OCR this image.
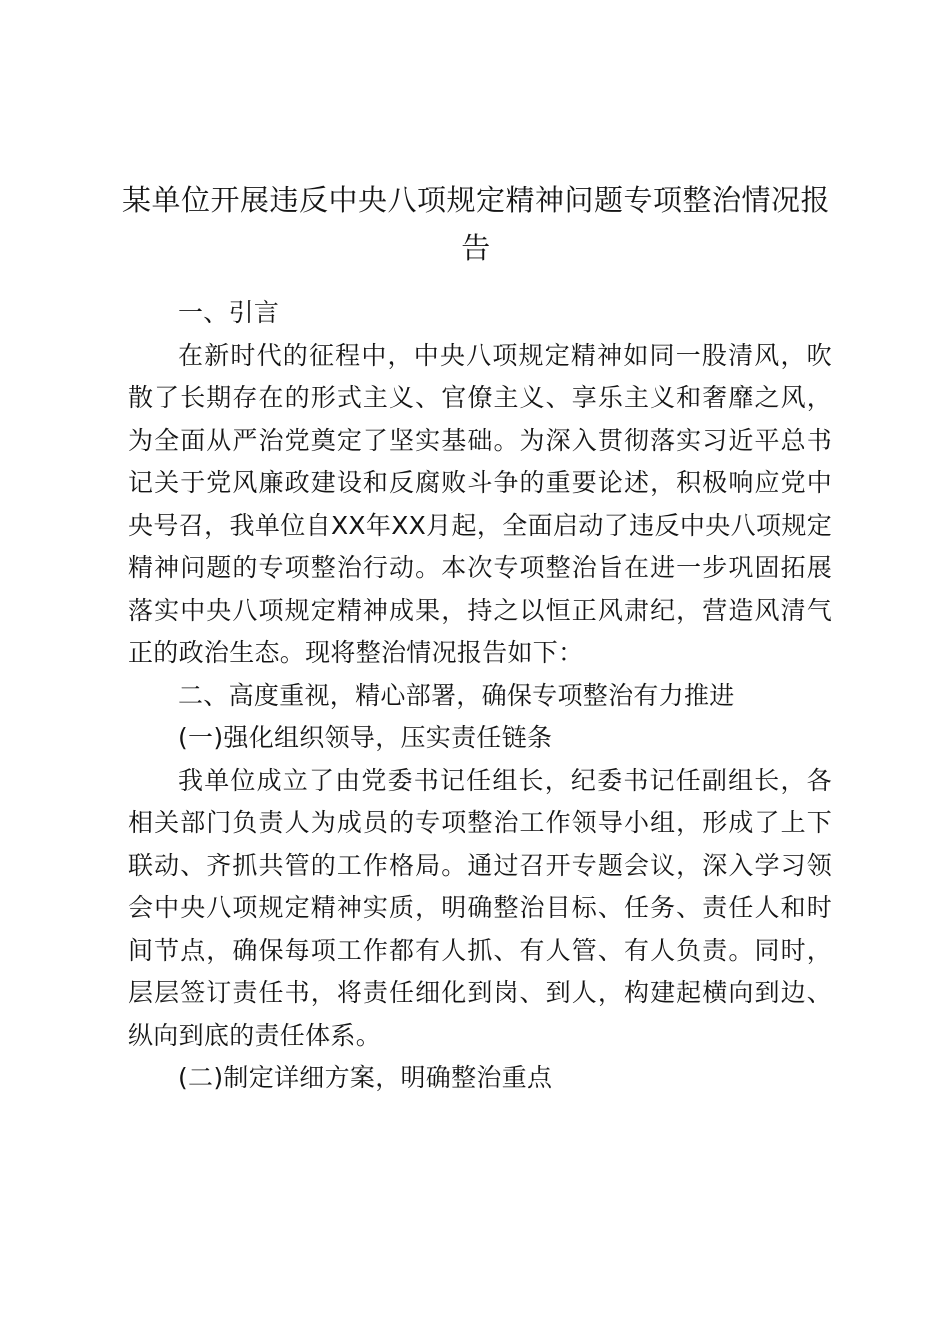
某单位开展违反中央八项规定精神问题专项整治情况报告

一、引言

在新时代的征程中，中央八项规定精神如同一股清风，吹散了长期存在的形式主义、官僚主义、享乐主义和奢靡之风，为全面从严治党奠定了坚实基础。为深入贯彻落实习近平总书记关于党风廉政建设和反腐败斗争的重要论述，积极响应党中央号召，我单位自XX年XX月起，全面启动了违反中央八项规定精神问题的专项整治行动。本次专项整治旨在进一步巩固拓展落实中央八项规定精神成果，持之以恒正风肃纪，营造风清气正的政治生态。现将整治情况报告如下：

二、高度重视，精心部署，确保专项整治有力推进

(一)强化组织领导，压实责任链条

我单位成立了由党委书记任组长，纪委书记任副组长，各相关部门负责人为成员的专项整治工作领导小组，形成了上下联动、齐抓共管的工作格局。通过召开专题会议，深入学习领会中央八项规定精神实质，明确整治目标、任务、责任人和时间节点，确保每项工作都有人抓、有人管、有人负责。同时，层层签订责任书，将责任细化到岗、到人，构建起横向到边、纵向到底的责任体系。

(二)制定详细方案，明确整治重点
